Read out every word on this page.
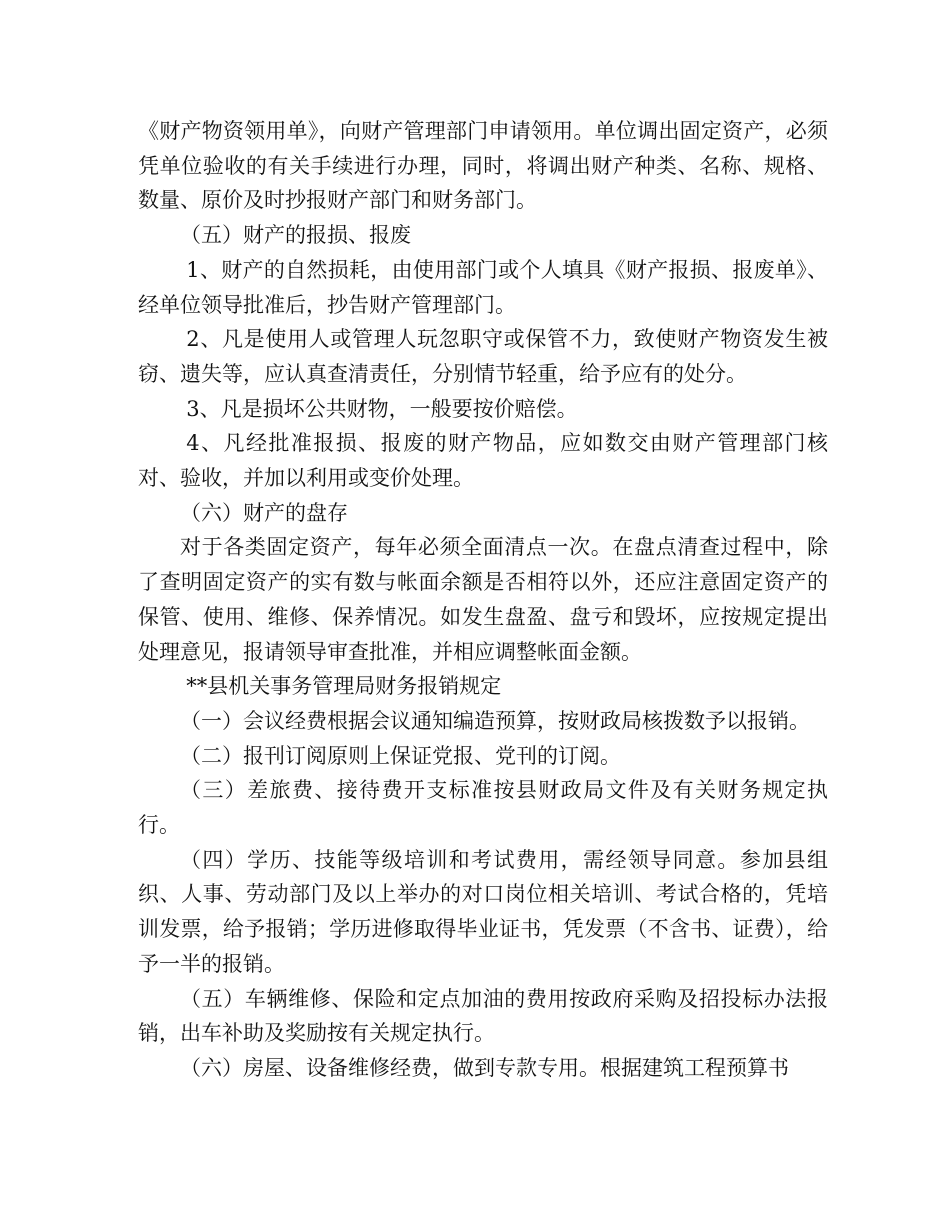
《财产物资领用单》，向财产管理部门申请领用。单位调出固定资产，必须凭单位验收的有关手续进行办理，同时，将调出财产种类、名称、规格、数量、原价及时抄报财产部门和财务部门。

（五）财产的报损、报废

1、财产的自然损耗，由使用部门或个人填具《财产报损、报废单》、经单位领导批准后，抄告财产管理部门。

2、凡是使用人或管理人玩忽职守或保管不力，致使财产物资发生被窃、遗失等，应认真查清责任，分别情节轻重，给予应有的处分。

3、凡是损坏公共财物，一般要按价赔偿。

4、凡经批准报损、报废的财产物品，应如数交由财产管理部门核对、验收，并加以利用或变价处理。

（六）财产的盘存

对于各类固定资产，每年必须全面清点一次。在盘点清查过程中，除了查明固定资产的实有数与帐面余额是否相符以外，还应注意固定资产的保管、使用、维修、保养情况。如发生盘盈、盘亏和毁坏，应按规定提出处理意见，报请领导审查批准，并相应调整帐面金额。

**县机关事务管理局财务报销规定

（一）会议经费根据会议通知编造预算，按财政局核拨数予以报销。

（二）报刊订阅原则上保证党报、党刊的订阅。

（三）差旅费、接待费开支标准按县财政局文件及有关财务规定执行。

（四）学历、技能等级培训和考试费用，需经领导同意。参加县组织、人事、劳动部门及以上举办的对口岗位相关培训、考试合格的，凭培训发票，给予报销；学历进修取得毕业证书，凭发票（不含书、证费），给予一半的报销。

（五）车辆维修、保险和定点加油的费用按政府采购及招投标办法报销，出车补助及奖励按有关规定执行。

（六）房屋、设备维修经费，做到专款专用。根据建筑工程预算书
